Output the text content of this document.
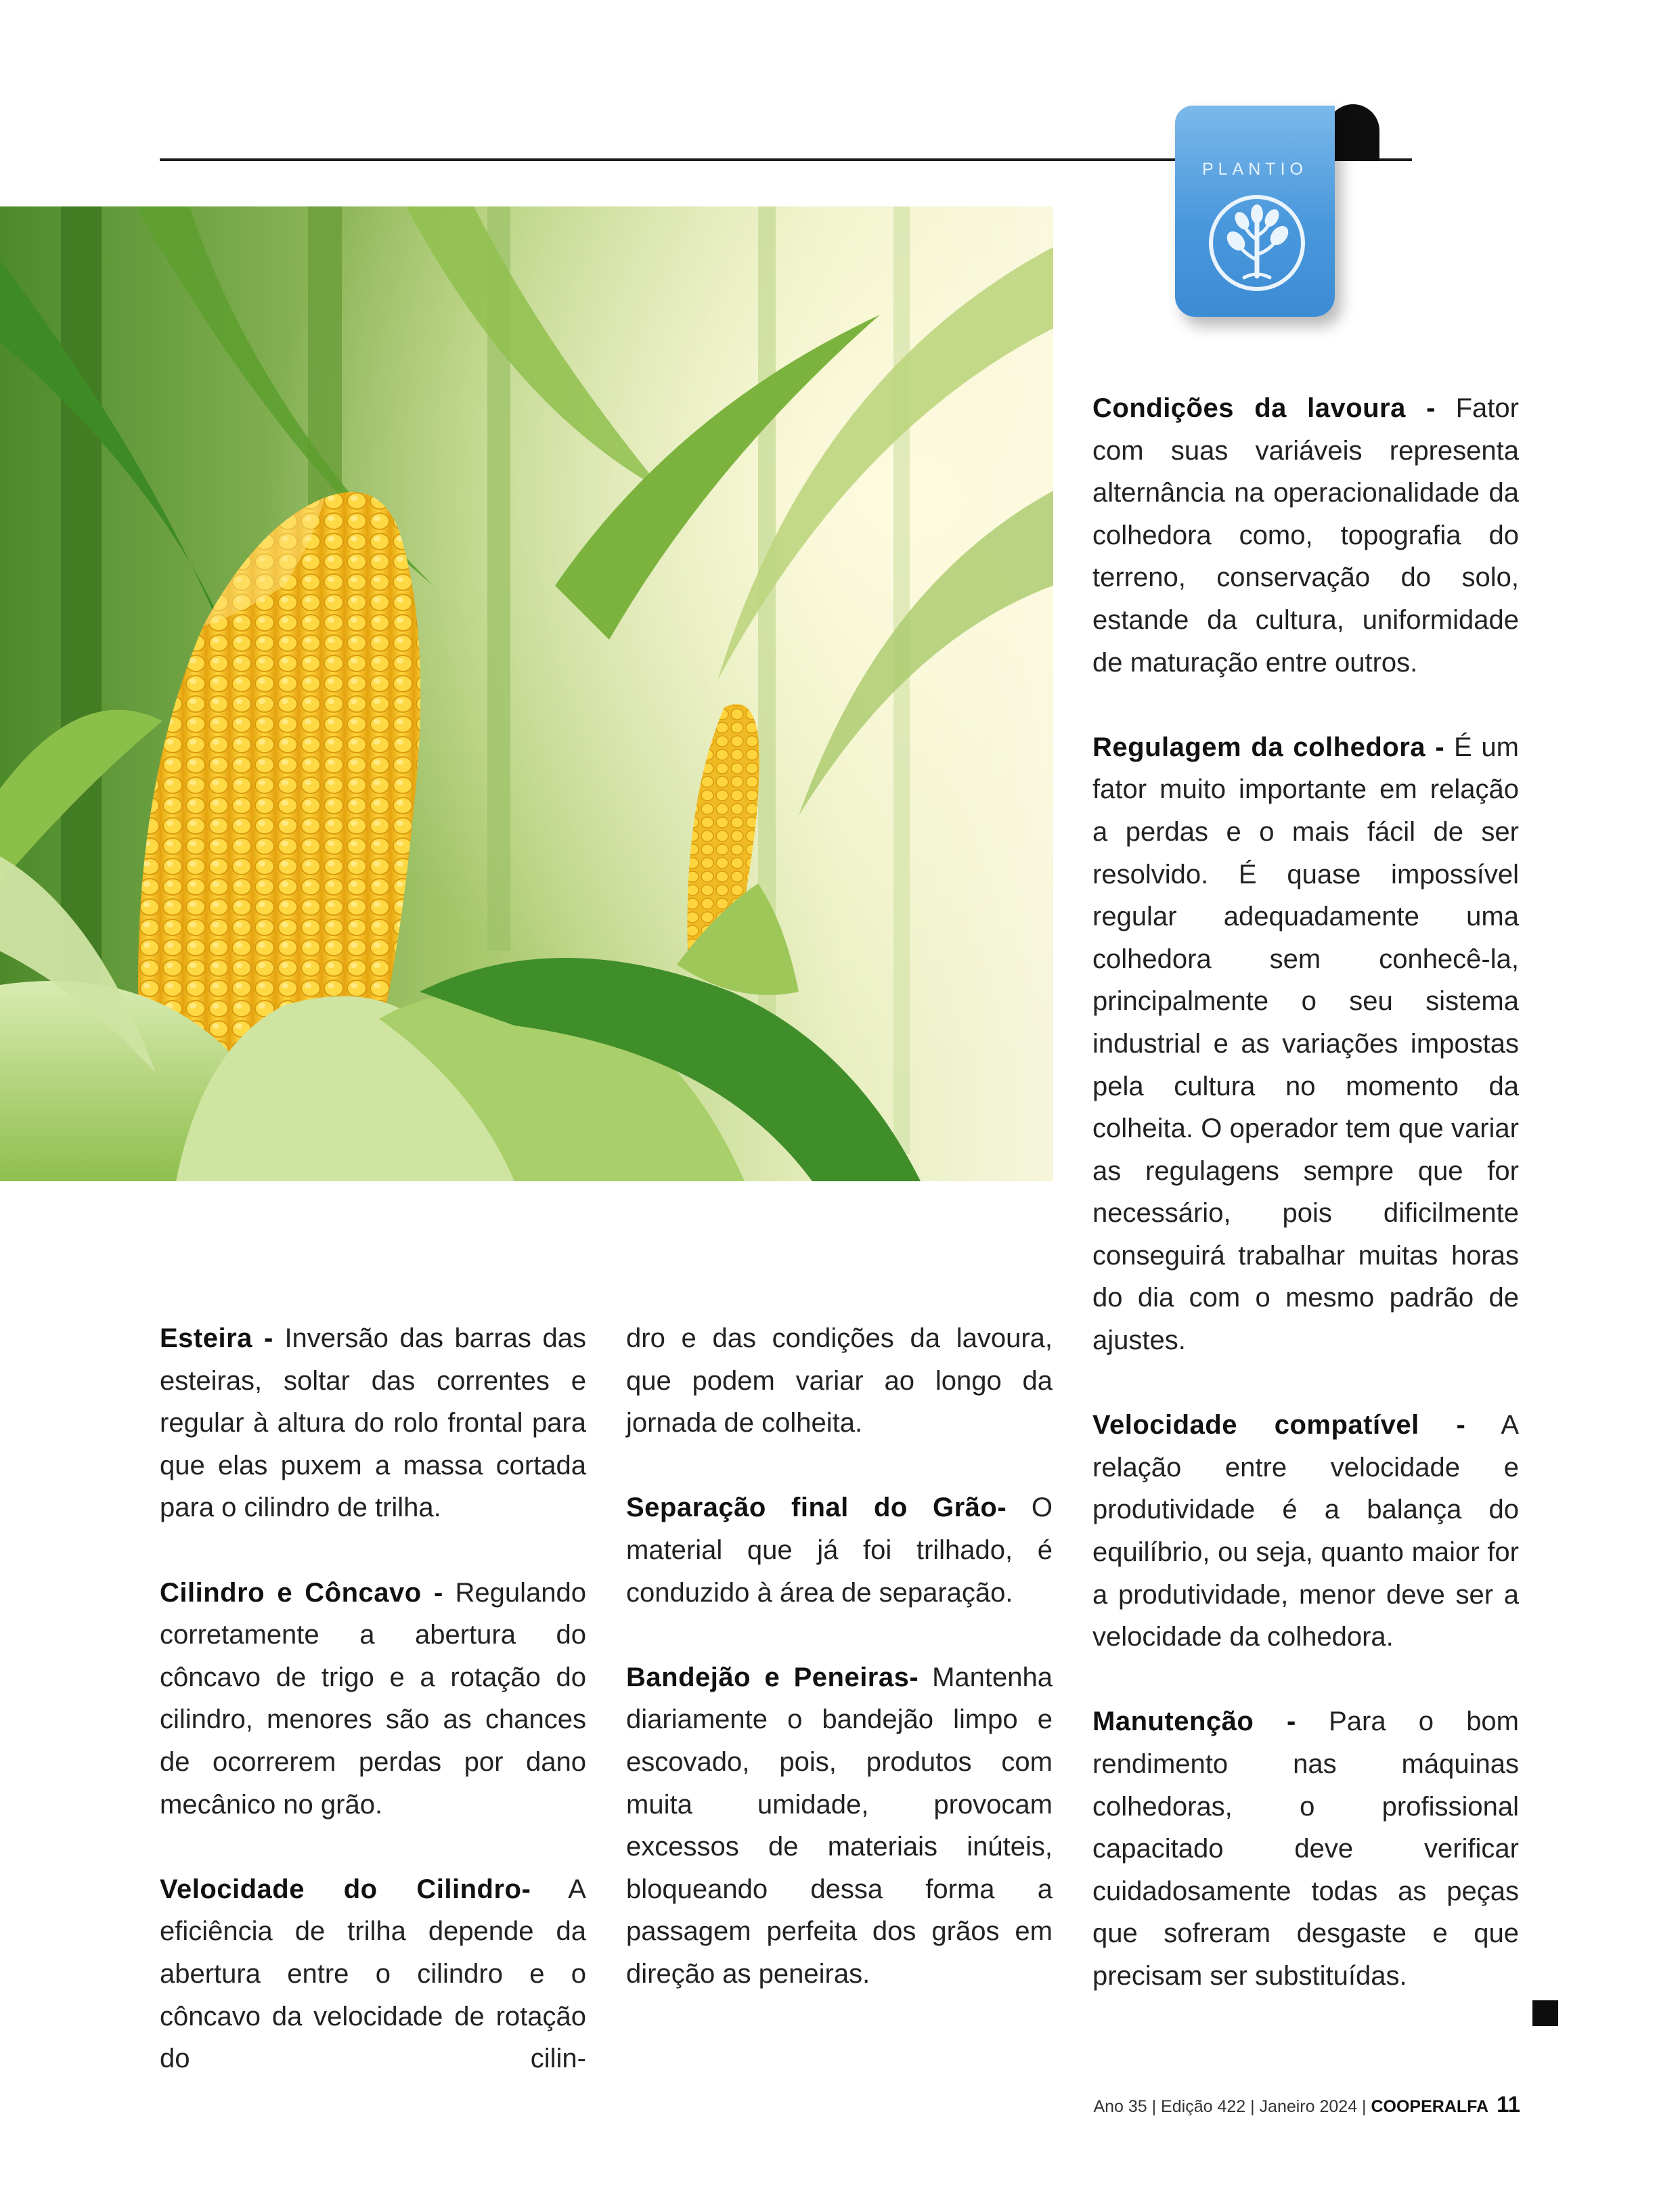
PLANTIO

Esteira - Inversão das barras das esteiras, soltar das correntes e regular à altura do rolo frontal para que elas puxem a massa cortada para o cilindro de trilha.

Cilindro e Côncavo - Regulando corretamente a abertura do côncavo de trigo e a rotação do cilindro, menores são as chances de ocorrerem perdas por dano mecânico no grão.

Velocidade do Cilindro- A eficiência de trilha depende da abertura entre o cilindro e o côncavo da velocidade de rotação do cilin-

dro e das condições da lavoura, que podem variar ao longo da jornada de colheita.

Separação final do Grão- O material que já foi trilhado, é conduzido à área de separação.

Bandejão e Peneiras- Mantenha diariamente o bandejão limpo e escovado, pois, produtos com muita umidade, provocam excessos de materiais inúteis, bloqueando dessa forma a passagem perfeita dos grãos em direção as peneiras.

Condições da lavoura - Fator com suas variáveis representa alternância na operacionalidade da colhedora como, topografia do terreno, conservação do solo, estande da cultura, uniformidade de maturação entre outros.

Regulagem da colhedora - É um fator muito importante em relação a perdas e o mais fácil de ser resolvido. É quase impossível regular adequadamente uma colhedora sem conhecê-la, principalmente o seu sistema industrial e as variações impostas pela cultura no momento da colheita. O operador tem que variar as regulagens sempre que for necessário, pois dificilmente conseguirá trabalhar muitas horas do dia com o mesmo padrão de ajustes.

Velocidade compatível - A relação entre velocidade e produtividade é a balança do equilíbrio, ou seja, quanto maior for a produtividade, menor deve ser a velocidade da colhedora.

Manutenção - Para o bom rendimento nas máquinas colhedoras, o profissional capacitado deve verificar cuidadosamente todas as peças que sofreram desgaste e que precisam ser substituídas.

Ano 35 | Edição 422 | Janeiro 2024 | COOPERALFA 11
